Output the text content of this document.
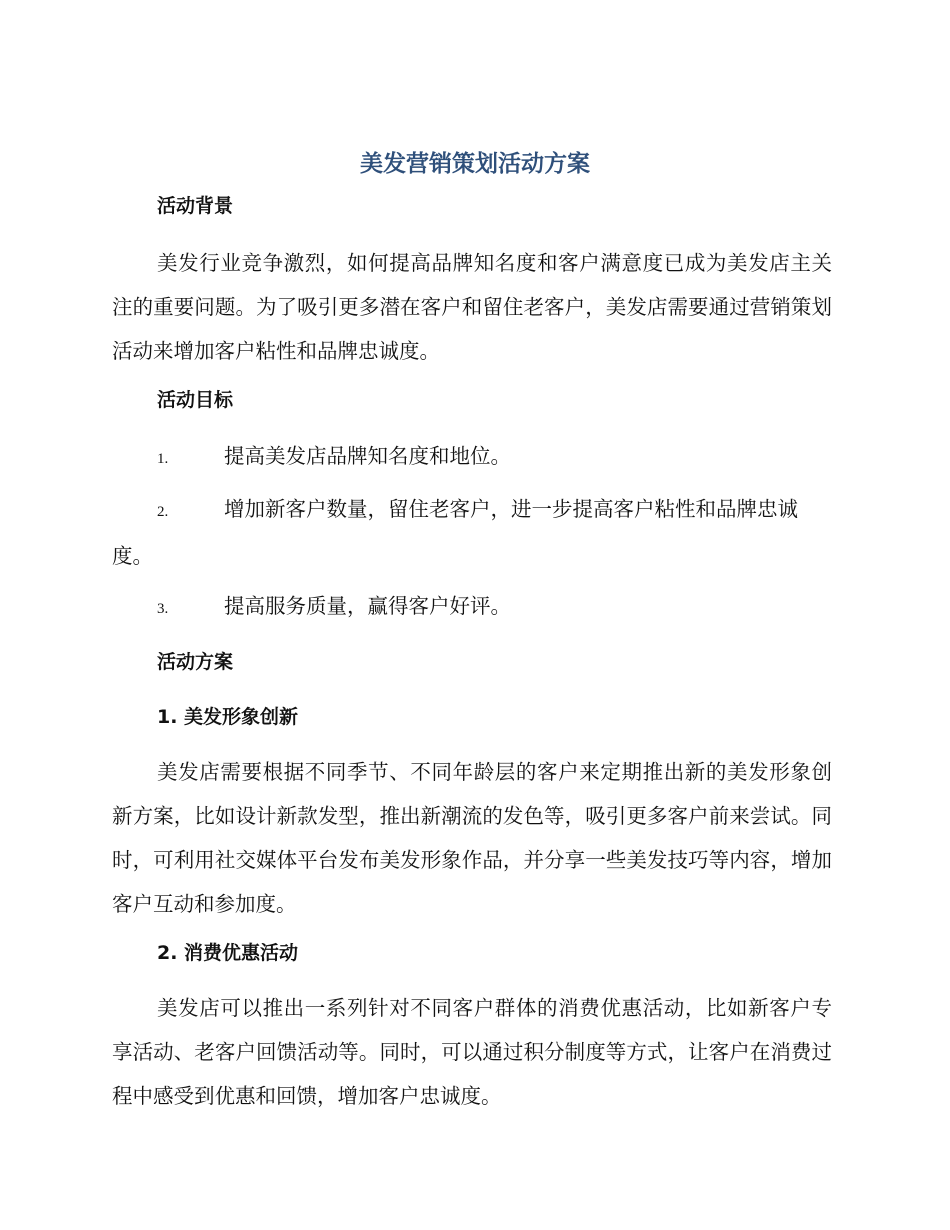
美发营销策划活动方案
活动背景

美发行业竞争激烈，如何提高品牌知名度和客户满意度已成为美发店主关注的重要问题。为了吸引更多潜在客户和留住老客户，美发店需要通过营销策划活动来增加客户粘性和品牌忠诚度。

活动目标
1.	提高美发店品牌知名度和地位。
2.	增加新客户数量，留住老客户，进一步提高客户粘性和品牌忠诚度。
3.	提高服务质量，赢得客户好评。
活动方案
1. 美发形象创新

美发店需要根据不同季节、不同年龄层的客户来定期推出新的美发形象创新方案，比如设计新款发型，推出新潮流的发色等，吸引更多客户前来尝试。同时，可利用社交媒体平台发布美发形象作品，并分享一些美发技巧等内容，增加客户互动和参加度。

2. 消费优惠活动

美发店可以推出一系列针对不同客户群体的消费优惠活动，比如新客户专享活动、老客户回馈活动等。同时，可以通过积分制度等方式，让客户在消费过程中感受到优惠和回馈，增加客户忠诚度。
